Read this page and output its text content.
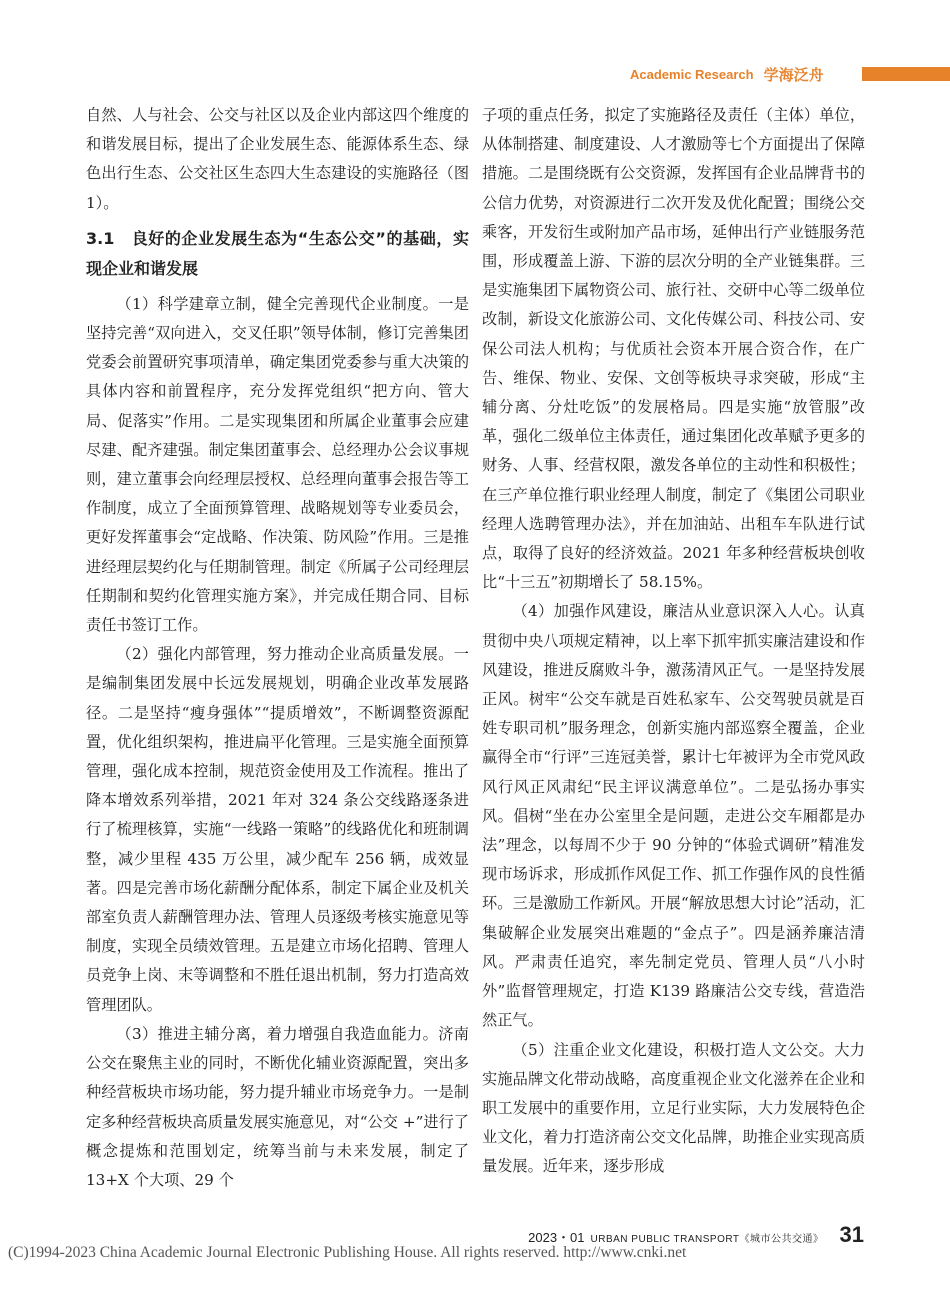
Academic Research 学海泛舟

自然、人与社会、公交与社区以及企业内部这四个维度的和谐发展目标，提出了企业发展生态、能源体系生态、绿色出行生态、公交社区生态四大生态建设的实施路径（图 1）。

3.1　良好的企业发展生态为“生态公交”的基础，实现企业和谐发展

（1）科学建章立制，健全完善现代企业制度。一是坚持完善“双向进入，交叉任职”领导体制，修订完善集团党委会前置研究事项清单，确定集团党委参与重大决策的具体内容和前置程序，充分发挥党组织“把方向、管大局、促落实”作用。二是实现集团和所属企业董事会应建尽建、配齐建强。制定集团董事会、总经理办公会议事规则，建立董事会向经理层授权、总经理向董事会报告等工作制度，成立了全面预算管理、战略规划等专业委员会，更好发挥董事会“定战略、作决策、防风险”作用。三是推进经理层契约化与任期制管理。制定《所属子公司经理层任期制和契约化管理实施方案》，并完成任期合同、目标责任书签订工作。

（2）强化内部管理，努力推动企业高质量发展。一是编制集团发展中长远发展规划，明确企业改革发展路径。二是坚持“瘦身强体”“提质增效”，不断调整资源配置，优化组织架构，推进扁平化管理。三是实施全面预算管理，强化成本控制，规范资金使用及工作流程。推出了降本增效系列举措，2021 年对 324 条公交线路逐条进行了梳理核算，实施“一线路一策略”的线路优化和班制调整，减少里程 435 万公里，减少配车 256 辆，成效显著。四是完善市场化薪酬分配体系，制定下属企业及机关部室负责人薪酬管理办法、管理人员逐级考核实施意见等制度，实现全员绩效管理。五是建立市场化招聘、管理人员竞争上岗、末等调整和不胜任退出机制，努力打造高效管理团队。

（3）推进主辅分离，着力增强自我造血能力。济南公交在聚焦主业的同时，不断优化辅业资源配置，突出多种经营板块市场功能，努力提升辅业市场竞争力。一是制定多种经营板块高质量发展实施意见，对“公交 +”进行了概念提炼和范围划定，统筹当前与未来发展，制定了 13+X 个大项、29 个

子项的重点任务，拟定了实施路径及责任（主体）单位，从体制搭建、制度建设、人才激励等七个方面提出了保障措施。二是围绕既有公交资源，发挥国有企业品牌背书的公信力优势，对资源进行二次开发及优化配置；围绕公交乘客，开发衍生或附加产品市场，延伸出行产业链服务范围，形成覆盖上游、下游的层次分明的全产业链集群。三是实施集团下属物资公司、旅行社、交研中心等二级单位改制，新设文化旅游公司、文化传媒公司、科技公司、安保公司法人机构；与优质社会资本开展合资合作，在广告、维保、物业、安保、文创等板块寻求突破，形成“主辅分离、分灶吃饭”的发展格局。四是实施“放管服”改革，强化二级单位主体责任，通过集团化改革赋予更多的财务、人事、经营权限，激发各单位的主动性和积极性；在三产单位推行职业经理人制度，制定了《集团公司职业经理人选聘管理办法》，并在加油站、出租车车队进行试点，取得了良好的经济效益。2021 年多种经营板块创收比“十三五”初期增长了 58.15%。

（4）加强作风建设，廉洁从业意识深入人心。认真贯彻中央八项规定精神，以上率下抓牢抓实廉洁建设和作风建设，推进反腐败斗争，激荡清风正气。一是坚持发展正风。树牢“公交车就是百姓私家车、公交驾驶员就是百姓专职司机”服务理念，创新实施内部巡察全覆盖，企业赢得全市“行评”三连冠美誉，累计七年被评为全市党风政风行风正风肃纪“民主评议满意单位”。二是弘扬办事实风。倡树“坐在办公室里全是问题，走进公交车厢都是办法”理念，以每周不少于 90 分钟的“体验式调研”精准发现市场诉求，形成抓作风促工作、抓工作强作风的良性循环。三是激励工作新风。开展“解放思想大讨论”活动，汇集破解企业发展突出难题的“金点子”。四是涵养廉洁清风。严肃责任追究，率先制定党员、管理人员“八小时外”监督管理规定，打造 K139 路廉洁公交专线，营造浩然正气。

（5）注重企业文化建设，积极打造人文公交。大力实施品牌文化带动战略，高度重视企业文化滋养在企业和职工发展中的重要作用，立足行业实际，大力发展特色企业文化，着力打造济南公交文化品牌，助推企业实现高质量发展。近年来，逐步形成

2023・01 URBAN PUBLIC TRANSPORT《城市公共交通》 31
(C)1994-2023 China Academic Journal Electronic Publishing House. All rights reserved. http://www.cnki.net
